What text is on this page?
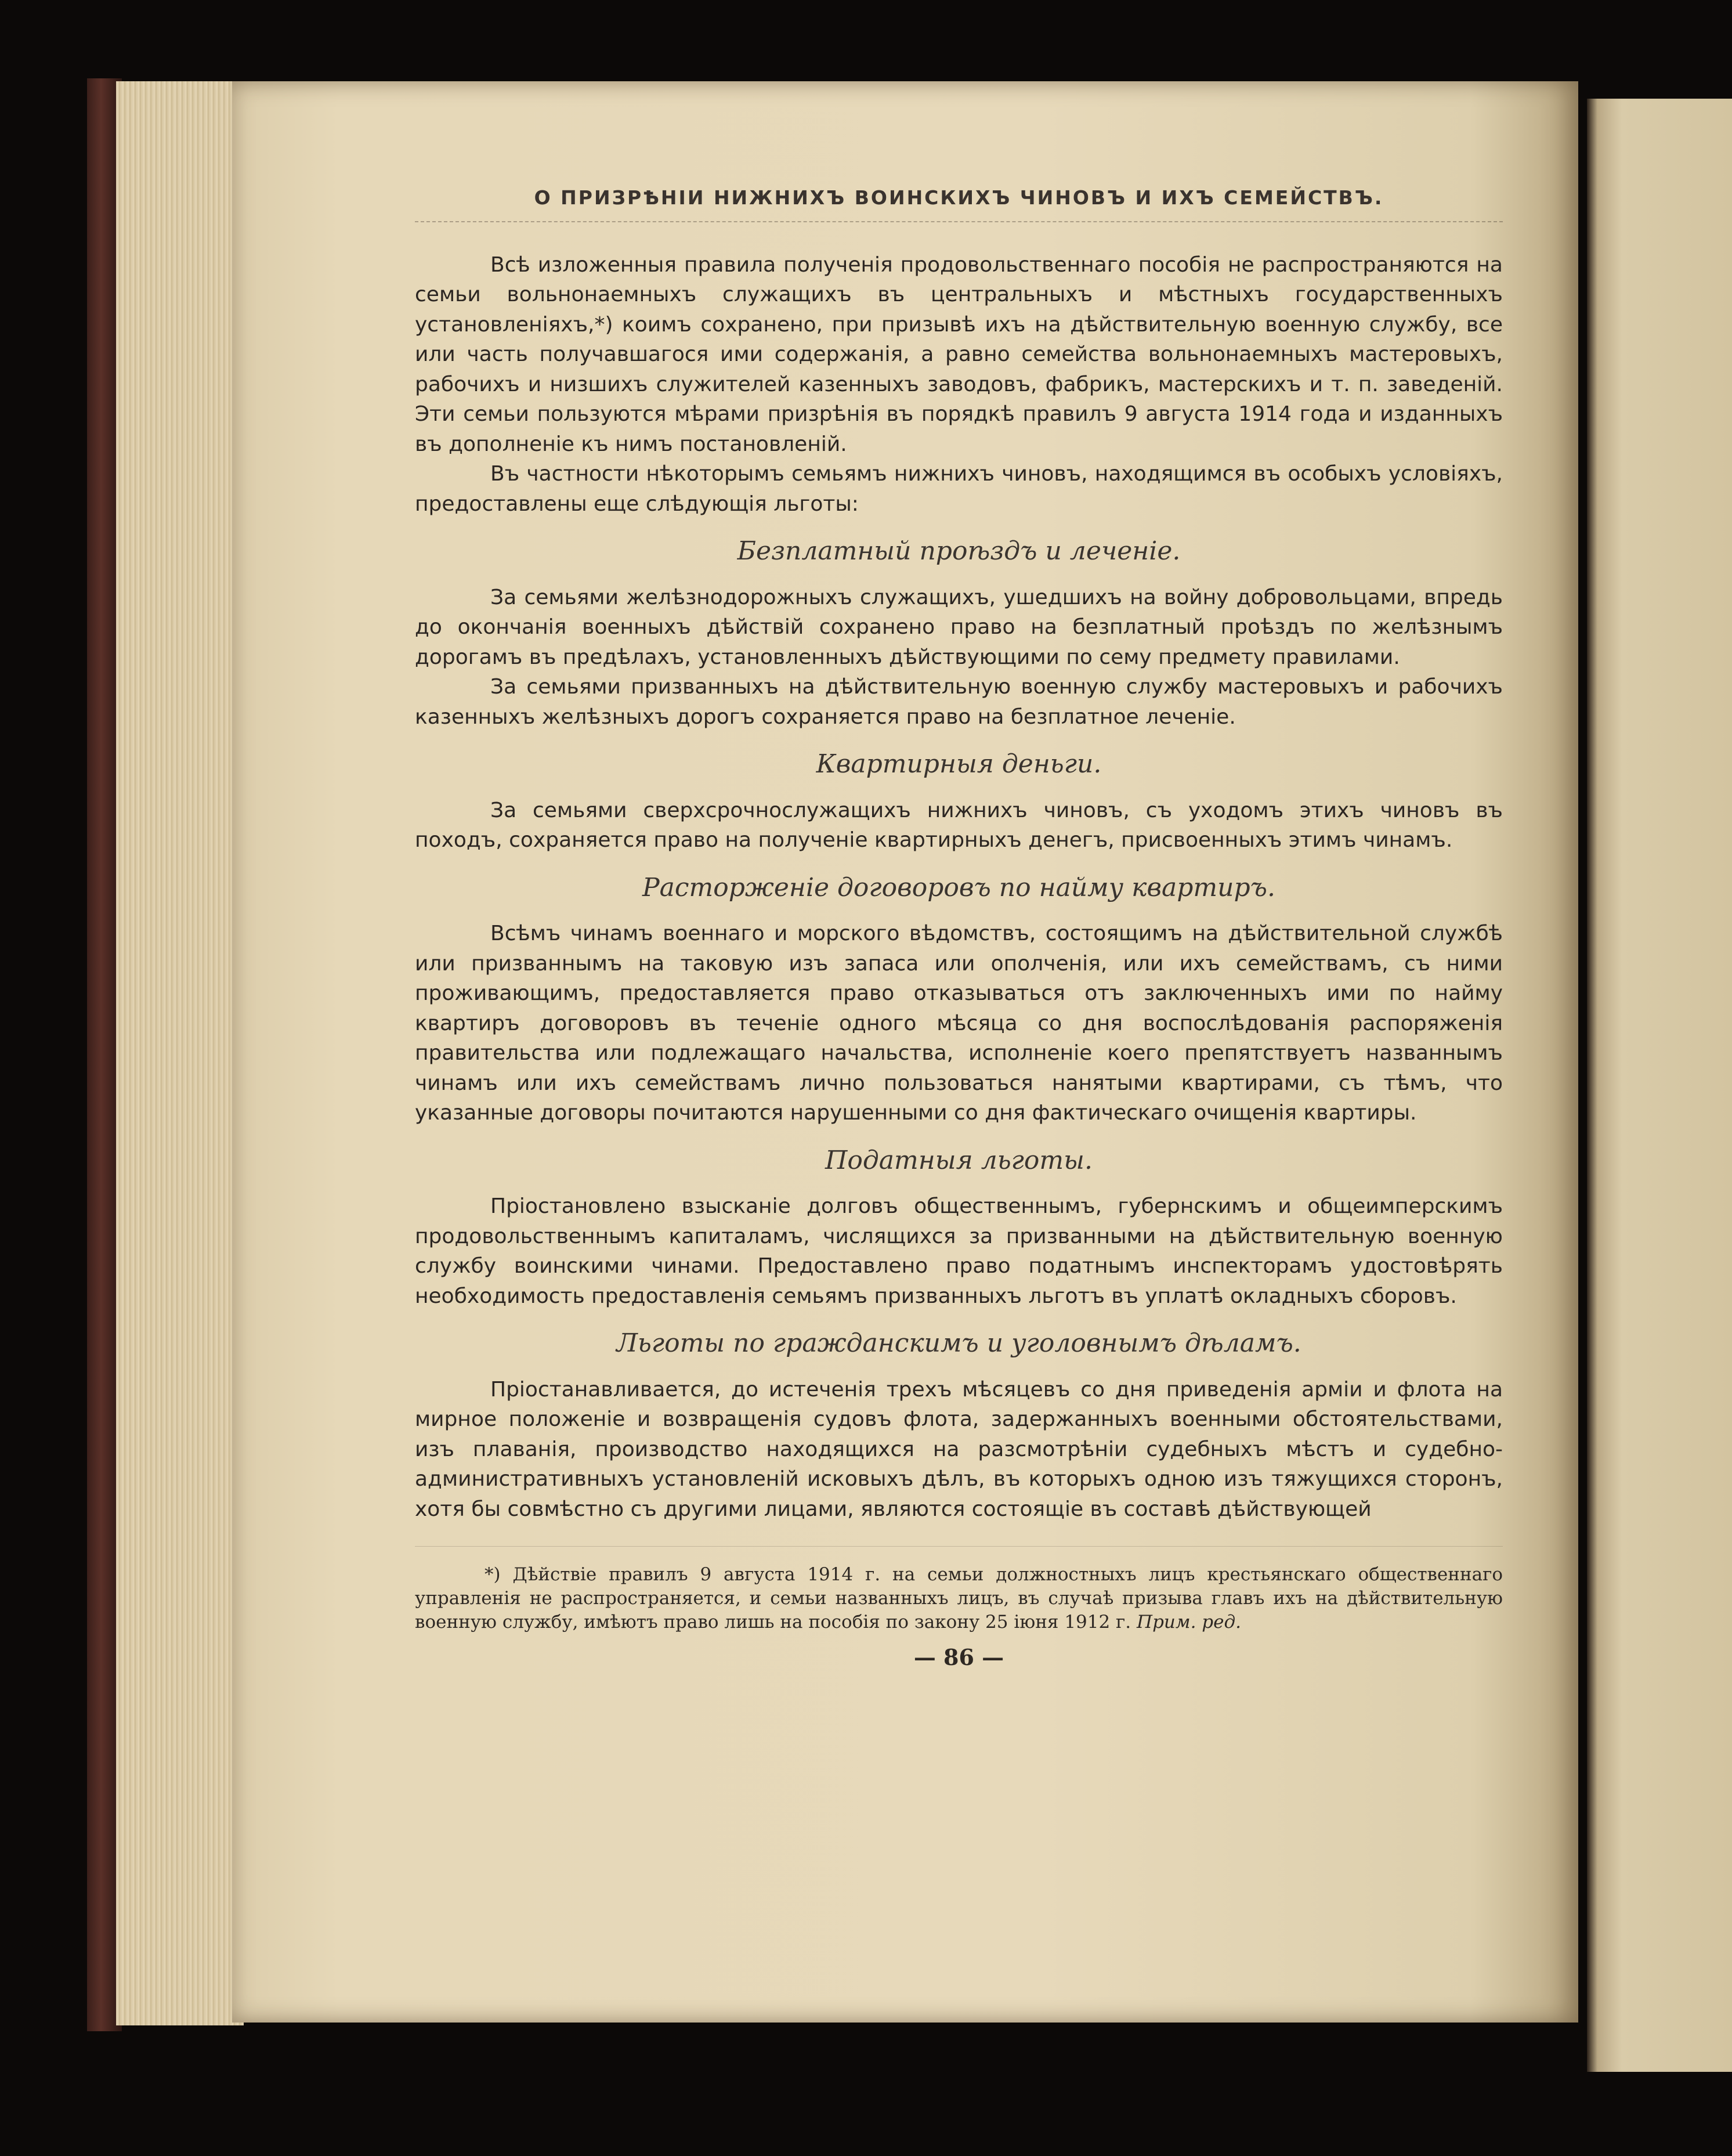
О ПРИЗРѢНІИ НИЖНИХЪ ВОИНСКИХЪ ЧИНОВЪ И ИХЪ СЕМЕЙСТВЪ.

Всѣ изложенныя правила полученія продовольственнаго пособія не распространяются на семьи вольнонаемныхъ служащихъ въ центральныхъ и мѣстныхъ государственныхъ установленіяхъ,*) коимъ сохранено, при призывѣ ихъ на дѣйствительную военную службу, все или часть получавшагося ими содержанія, а равно семейства вольнонаемныхъ мастеровыхъ, рабочихъ и низшихъ служителей казенныхъ заводовъ, фабрикъ, мастерскихъ и т. п. заведеній. Эти семьи пользуются мѣрами призрѣнія въ порядкѣ правилъ 9 августа 1914 года и изданныхъ въ дополненіе къ нимъ постановленій.

Въ частности нѣкоторымъ семьямъ нижнихъ чиновъ, находящимся въ особыхъ условіяхъ, предоставлены еще слѣдующія льготы:

Безплатный проѣздъ и леченіе.

За семьями желѣзнодорожныхъ служащихъ, ушедшихъ на войну добровольцами, впредь до окончанія военныхъ дѣйствій сохранено право на безплатный проѣздъ по желѣзнымъ дорогамъ въ предѣлахъ, установленныхъ дѣйствующими по сему предмету правилами.

За семьями призванныхъ на дѣйствительную военную службу мастеровыхъ и рабочихъ казенныхъ желѣзныхъ дорогъ сохраняется право на безплатное леченіе.

Квартирныя деньги.

За семьями сверхсрочнослужащихъ нижнихъ чиновъ, съ уходомъ этихъ чиновъ въ походъ, сохраняется право на полученіе квартирныхъ денегъ, присвоенныхъ этимъ чинамъ.

Расторженіе договоровъ по найму квартиръ.

Всѣмъ чинамъ военнаго и морского вѣдомствъ, состоящимъ на дѣйствительной службѣ или призваннымъ на таковую изъ запаса или ополченія, или ихъ семействамъ, съ ними проживающимъ, предоставляется право отказываться отъ заключенныхъ ими по найму квартиръ договоровъ въ теченіе одного мѣсяца со дня воспослѣдованія распоряженія правительства или подлежащаго начальства, исполненіе коего препятствуетъ названнымъ чинамъ или ихъ семействамъ лично пользоваться нанятыми квартирами, съ тѣмъ, что указанные договоры почитаются нарушенными со дня фактическаго очищенія квартиры.

Податныя льготы.

Пріостановлено взысканіе долговъ общественнымъ, губернскимъ и общеимперскимъ продовольственнымъ капиталамъ, числящихся за призванными на дѣйствительную военную службу воинскими чинами. Предоставлено право податнымъ инспекторамъ удостовѣрять необходимость предоставленія семьямъ призванныхъ льготъ въ уплатѣ окладныхъ сборовъ.

Льготы по гражданскимъ и уголовнымъ дѣламъ.

Пріостанавливается, до истеченія трехъ мѣсяцевъ со дня приведенія арміи и флота на мирное положеніе и возвращенія судовъ флота, задержанныхъ военными обстоятельствами, изъ плаванія, производство находящихся на разсмотрѣніи судебныхъ мѣстъ и судебно-административныхъ установленій исковыхъ дѣлъ, въ которыхъ одною изъ тяжущихся сторонъ, хотя бы совмѣстно съ другими лицами, являются состоящіе въ составѣ дѣйствующей

*) Дѣйствіе правилъ 9 августа 1914 г. на семьи должностныхъ лицъ крестьянскаго общественнаго управленія не распространяется, и семьи названныхъ лицъ, въ случаѣ призыва главъ ихъ на дѣйствительную военную службу, имѣютъ право лишь на пособія по закону 25 іюня 1912 г. Прим. ред.
— 86 —
